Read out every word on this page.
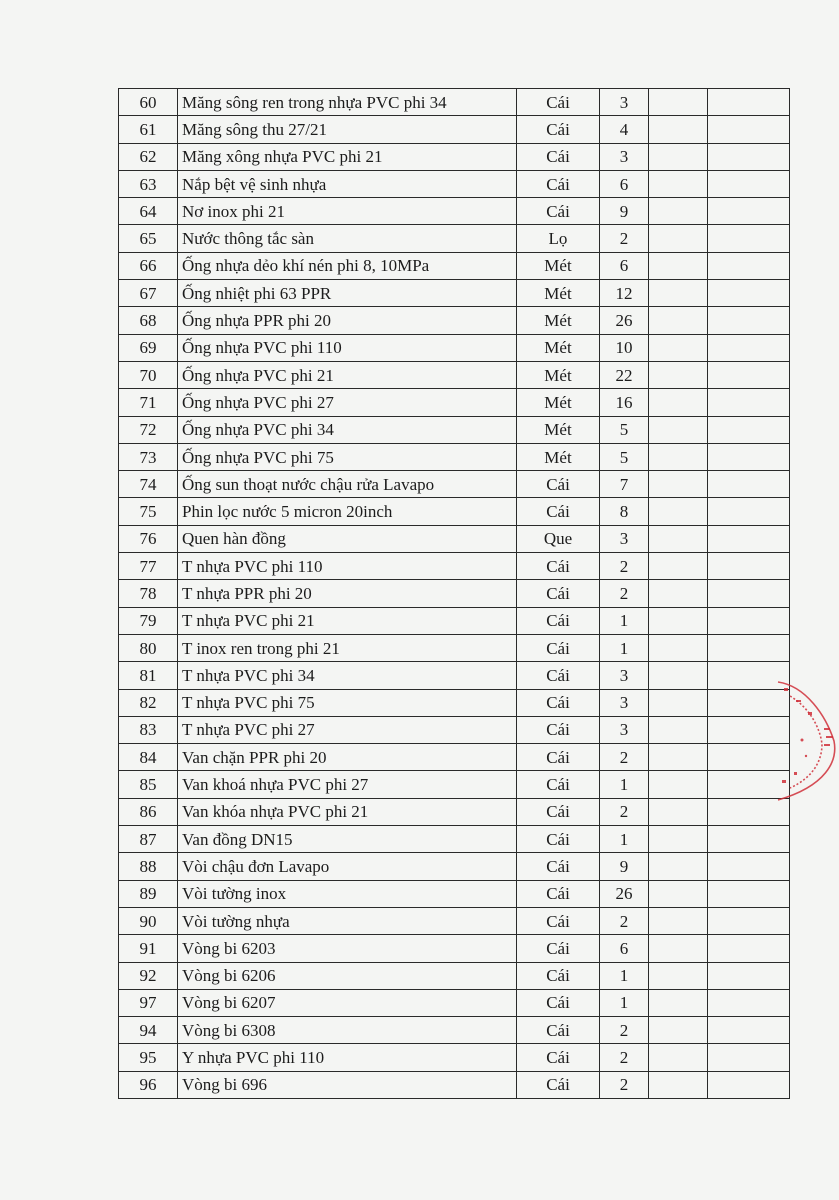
60	Măng sông ren trong nhựa PVC phi 34	Cái	3		
61	Măng sông thu 27/21	Cái	4		
62	Măng xông nhựa PVC phi 21	Cái	3		
63	Nắp bệt vệ sinh nhựa	Cái	6		
64	Nơ inox phi 21	Cái	9		
65	Nước thông tắc sàn	Lọ	2		
66	Ống nhựa dẻo khí nén phi 8, 10MPa	Mét	6		
67	Ống nhiệt phi 63 PPR	Mét	12		
68	Ống nhựa PPR phi 20	Mét	26		
69	Ống nhựa PVC phi 110	Mét	10		
70	Ống nhựa PVC phi 21	Mét	22		
71	Ống nhựa PVC phi 27	Mét	16		
72	Ống nhựa PVC phi 34	Mét	5		
73	Ống nhựa PVC phi 75	Mét	5		
74	Ống sun thoạt nước chậu rửa Lavapo	Cái	7		
75	Phin lọc nước 5 micron 20inch	Cái	8		
76	Quen hàn đồng	Que	3		
77	T nhựa PVC phi 110	Cái	2		
78	T nhựa PPR phi 20	Cái	2		
79	T nhựa PVC phi 21	Cái	1		
80	T inox ren trong phi 21	Cái	1		
81	T nhựa PVC phi 34	Cái	3		
82	T nhựa PVC phi 75	Cái	3		
83	T nhựa PVC phi 27	Cái	3		
84	Van chặn PPR phi 20	Cái	2		
85	Van khoá nhựa PVC phi 27	Cái	1		
86	Van khóa nhựa PVC phi 21	Cái	2		
87	Van đồng DN15	Cái	1		
88	Vòi chậu đơn Lavapo	Cái	9		
89	Vòi tường inox	Cái	26		
90	Vòi tường nhựa	Cái	2		
91	Vòng bi 6203	Cái	6		
92	Vòng bi 6206	Cái	1		
97	Vòng bi 6207	Cái	1		
94	Vòng bi 6308	Cái	2		
95	Y nhựa PVC phi 110	Cái	2		
96	Vòng bi 696	Cái	2		
